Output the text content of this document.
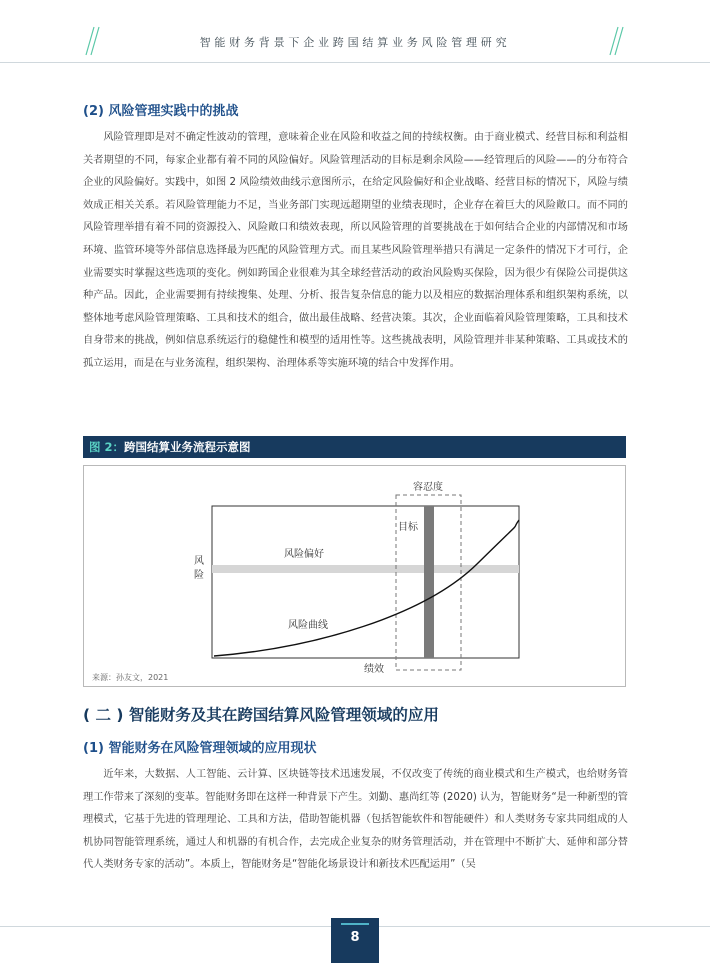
智能财务背景下企业跨国结算业务风险管理研究
(2) 风险管理实践中的挑战

风险管理即是对不确定性波动的管理，意味着企业在风险和收益之间的持续权衡。由于商业模式、经营目标和利益相关者期望的不同，每家企业都有着不同的风险偏好。风险管理活动的目标是剩余风险——经管理后的风险——的分布符合企业的风险偏好。实践中，如图 2 风险绩效曲线示意图所示，在给定风险偏好和企业战略、经营目标的情况下，风险与绩效成正相关关系。若风险管理能力不足，当业务部门实现远超期望的业绩表现时，企业存在着巨大的风险敞口。而不同的风险管理举措有着不同的资源投入、风险敞口和绩效表现，所以风险管理的首要挑战在于如何结合企业的内部情况和市场环境、监管环境等外部信息选择最为匹配的风险管理方式。而且某些风险管理举措只有满足一定条件的情况下才可行，企业需要实时掌握这些选项的变化。例如跨国企业很难为其全球经营活动的政治风险购买保险，因为很少有保险公司提供这种产品。因此，企业需要拥有持续搜集、处理、分析、报告复杂信息的能力以及相应的数据治理体系和组织架构系统，以整体地考虑风险管理策略、工具和技术的组合，做出最佳战略、经营决策。其次，企业面临着风险管理策略，工具和技术自身带来的挑战，例如信息系统运行的稳健性和模型的适用性等。这些挑战表明，风险管理并非某种策略、工具或技术的孤立运用，而是在与业务流程，组织架构、治理体系等实施环境的结合中发挥作用。

图 2：跨国结算业务流程示意图
容忍度
目标
风险偏好
风险
风险曲线
绩效
来源：孙友文，2021
( 二 ) 智能财务及其在跨国结算风险管理领域的应用
(1) 智能财务在风险管理领域的应用现状

近年来，大数据、人工智能、云计算、区块链等技术迅速发展，不仅改变了传统的商业模式和生产模式，也给财务管理工作带来了深刻的变革。智能财务即在这样一种背景下产生。刘勤、惠尚红等 (2020) 认为，智能财务“是一种新型的管理模式，它基于先进的管理理论、工具和方法，借助智能机器（包括智能软件和智能硬件）和人类财务专家共同组成的人机协同智能管理系统，通过人和机器的有机合作，去完成企业复杂的财务管理活动，并在管理中不断扩大、延伸和部分替代人类财务专家的活动”。本质上，智能财务是“智能化场景设计和新技术匹配运用”（吴

8
